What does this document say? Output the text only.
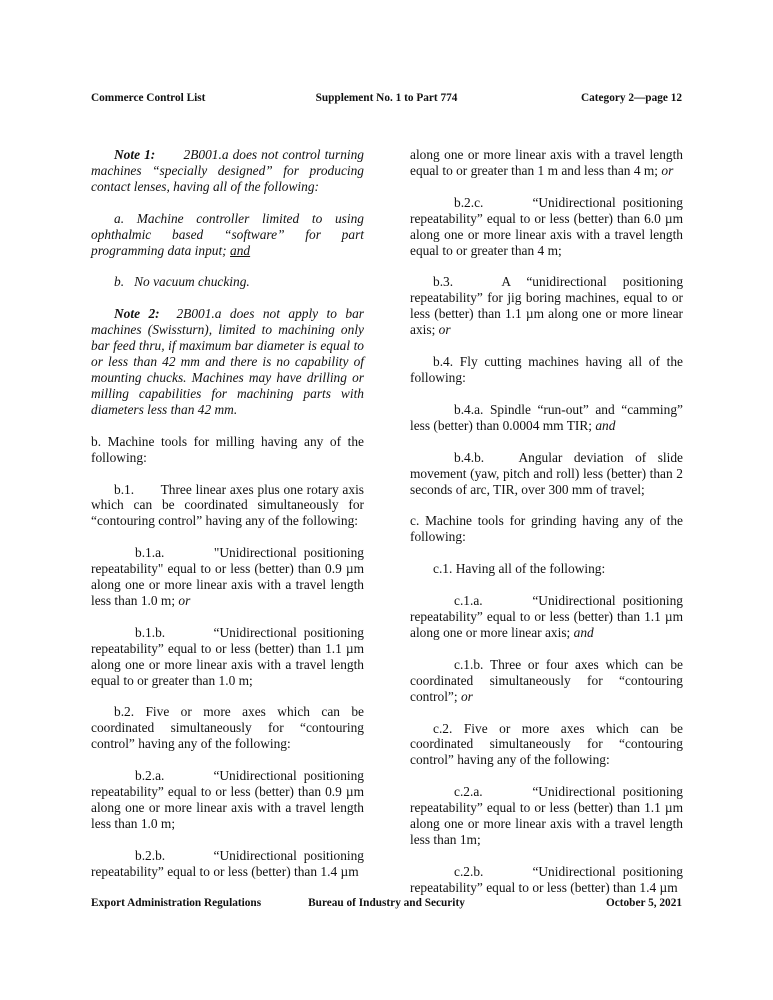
Commerce Control List	Supplement No. 1 to Part 774	Category 2—page 12

Note 1: 2B001.a does not control turning machines “specially designed” for producing contact lenses, having all of the following:

a. Machine controller limited to using ophthalmic based “software” for part programming data input; and

b. No vacuum chucking.

Note 2: 2B001.a does not apply to bar machines (Swissturn), limited to machining only bar feed thru, if maximum bar diameter is equal to or less than 42 mm and there is no capability of mounting chucks. Machines may have drilling or milling capabilities for machining parts with diameters less than 42 mm.

b. Machine tools for milling having any of the following:

b.1. Three linear axes plus one rotary axis which can be coordinated simultaneously for “contouring control” having any of the following:

b.1.a.	"Unidirectional positioning repeatability" equal to or less (better) than 0.9 µm along one or more linear axis with a travel length less than 1.0 m; or

b.1.b.	“Unidirectional positioning repeatability” equal to or less (better) than 1.1 µm along one or more linear axis with a travel length equal to or greater than 1.0 m;

b.2. Five or more axes which can be coordinated simultaneously for “contouring control” having any of the following:

b.2.a.	“Unidirectional positioning repeatability” equal to or less (better) than 0.9 µm along one or more linear axis with a travel length less than 1.0 m;

b.2.b.	“Unidirectional positioning repeatability” equal to or less (better) than 1.4 µm

along one or more linear axis with a travel length equal to or greater than 1 m and less than 4 m; or

b.2.c.	“Unidirectional positioning repeatability” equal to or less (better) than 6.0 µm along one or more linear axis with a travel length equal to or greater than 4 m;

b.3.	A “unidirectional positioning repeatability” for jig boring machines, equal to or less (better) than 1.1 µm along one or more linear axis; or

b.4. Fly cutting machines having all of the following:

b.4.a. Spindle “run-out” and “camming” less (better) than 0.0004 mm TIR; and

b.4.b.	Angular deviation of slide movement (yaw, pitch and roll) less (better) than 2 seconds of arc, TIR, over 300 mm of travel;

c. Machine tools for grinding having any of the following:

c.1. Having all of the following:

c.1.a.	“Unidirectional positioning repeatability” equal to or less (better) than 1.1 µm along one or more linear axis; and

c.1.b. Three or four axes which can be coordinated simultaneously for “contouring control”; or

c.2. Five or more axes which can be coordinated simultaneously for “contouring control” having any of the following:

c.2.a.	“Unidirectional positioning repeatability” equal to or less (better) than 1.1 µm along one or more linear axis with a travel length less than 1m;

c.2.b.	“Unidirectional positioning repeatability” equal to or less (better) than 1.4 µm

Export Administration Regulations	Bureau of Industry and Security	October 5, 2021
